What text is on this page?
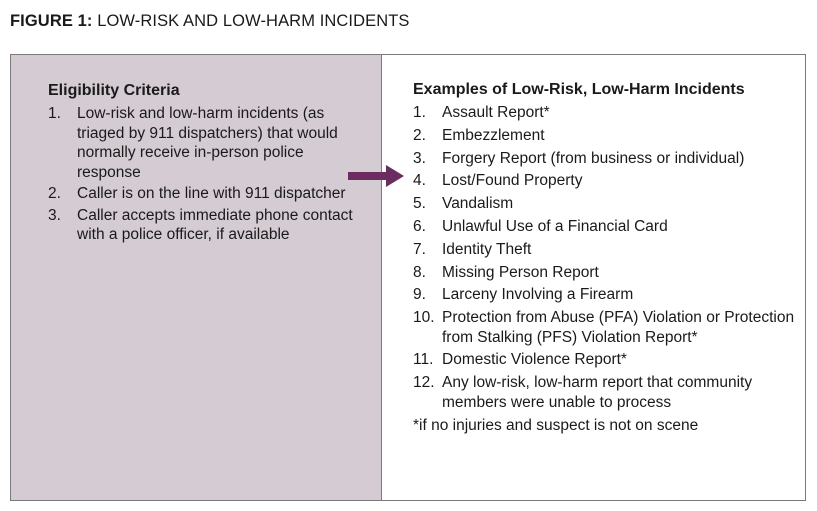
FIGURE 1: LOW-RISK AND LOW-HARM INCIDENTS
Eligibility Criteria
1.	Low-risk and low-harm incidents (as triaged by 911 dispatchers) that would normally receive in-person police response
2.	Caller is on the line with 911 dispatcher
3.	Caller accepts immediate phone contact with a police officer, if available
Examples of Low-Risk, Low-Harm Incidents
1.	Assault Report*
2.	Embezzlement
3.	Forgery Report (from business or individual)
4.	Lost/Found Property
5.	Vandalism
6.	Unlawful Use of a Financial Card
7.	Identity Theft
8.	Missing Person Report
9.	Larceny Involving a Firearm
10. Protection from Abuse (PFA) Violation or Protection from Stalking (PFS) Violation Report*
11. Domestic Violence Report*
12. Any low-risk, low-harm report that community members were unable to process
*if no injuries and suspect is not on scene
